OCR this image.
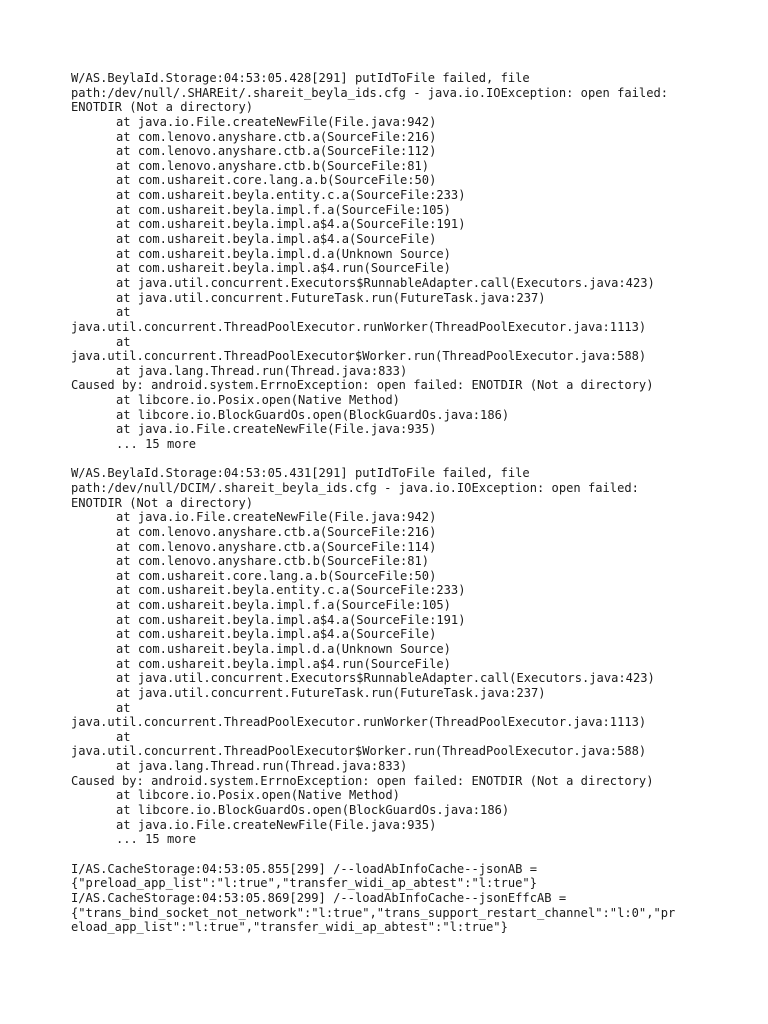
W/AS.BeylaId.Storage:04:53:05.428[291] putIdToFile failed, file
path:/dev/null/.SHAREit/.shareit_beyla_ids.cfg - java.io.IOException: open failed:
ENOTDIR (Not a directory)
at java.io.File.createNewFile(File.java:942)
at com.lenovo.anyshare.ctb.a(SourceFile:216)
at com.lenovo.anyshare.ctb.a(SourceFile:112)
at com.lenovo.anyshare.ctb.b(SourceFile:81)
at com.ushareit.core.lang.a.b(SourceFile:50)
at com.ushareit.beyla.entity.c.a(SourceFile:233)
at com.ushareit.beyla.impl.f.a(SourceFile:105)
at com.ushareit.beyla.impl.a$4.a(SourceFile:191)
at com.ushareit.beyla.impl.a$4.a(SourceFile)
at com.ushareit.beyla.impl.d.a(Unknown Source)
at com.ushareit.beyla.impl.a$4.run(SourceFile)
at java.util.concurrent.Executors$RunnableAdapter.call(Executors.java:423)
at java.util.concurrent.FutureTask.run(FutureTask.java:237)
at
java.util.concurrent.ThreadPoolExecutor.runWorker(ThreadPoolExecutor.java:1113)
at
java.util.concurrent.ThreadPoolExecutor$Worker.run(ThreadPoolExecutor.java:588)
at java.lang.Thread.run(Thread.java:833)
Caused by: android.system.ErrnoException: open failed: ENOTDIR (Not a directory)
at libcore.io.Posix.open(Native Method)
at libcore.io.BlockGuardOs.open(BlockGuardOs.java:186)
at java.io.File.createNewFile(File.java:935)
... 15 more
W/AS.BeylaId.Storage:04:53:05.431[291] putIdToFile failed, file
path:/dev/null/DCIM/.shareit_beyla_ids.cfg - java.io.IOException: open failed:
ENOTDIR (Not a directory)
at java.io.File.createNewFile(File.java:942)
at com.lenovo.anyshare.ctb.a(SourceFile:216)
at com.lenovo.anyshare.ctb.a(SourceFile:114)
at com.lenovo.anyshare.ctb.b(SourceFile:81)
at com.ushareit.core.lang.a.b(SourceFile:50)
at com.ushareit.beyla.entity.c.a(SourceFile:233)
at com.ushareit.beyla.impl.f.a(SourceFile:105)
at com.ushareit.beyla.impl.a$4.a(SourceFile:191)
at com.ushareit.beyla.impl.a$4.a(SourceFile)
at com.ushareit.beyla.impl.d.a(Unknown Source)
at com.ushareit.beyla.impl.a$4.run(SourceFile)
at java.util.concurrent.Executors$RunnableAdapter.call(Executors.java:423)
at java.util.concurrent.FutureTask.run(FutureTask.java:237)
at
java.util.concurrent.ThreadPoolExecutor.runWorker(ThreadPoolExecutor.java:1113)
at
java.util.concurrent.ThreadPoolExecutor$Worker.run(ThreadPoolExecutor.java:588)
at java.lang.Thread.run(Thread.java:833)
Caused by: android.system.ErrnoException: open failed: ENOTDIR (Not a directory)
at libcore.io.Posix.open(Native Method)
at libcore.io.BlockGuardOs.open(BlockGuardOs.java:186)
at java.io.File.createNewFile(File.java:935)
... 15 more
I/AS.CacheStorage:04:53:05.855[299] /--loadAbInfoCache--jsonAB =
{"preload_app_list":"l:true","transfer_widi_ap_abtest":"l:true"}
I/AS.CacheStorage:04:53:05.869[299] /--loadAbInfoCache--jsonEffcAB =
{"trans_bind_socket_not_network":"l:true","trans_support_restart_channel":"l:0","pr
eload_app_list":"l:true","transfer_widi_ap_abtest":"l:true"}
